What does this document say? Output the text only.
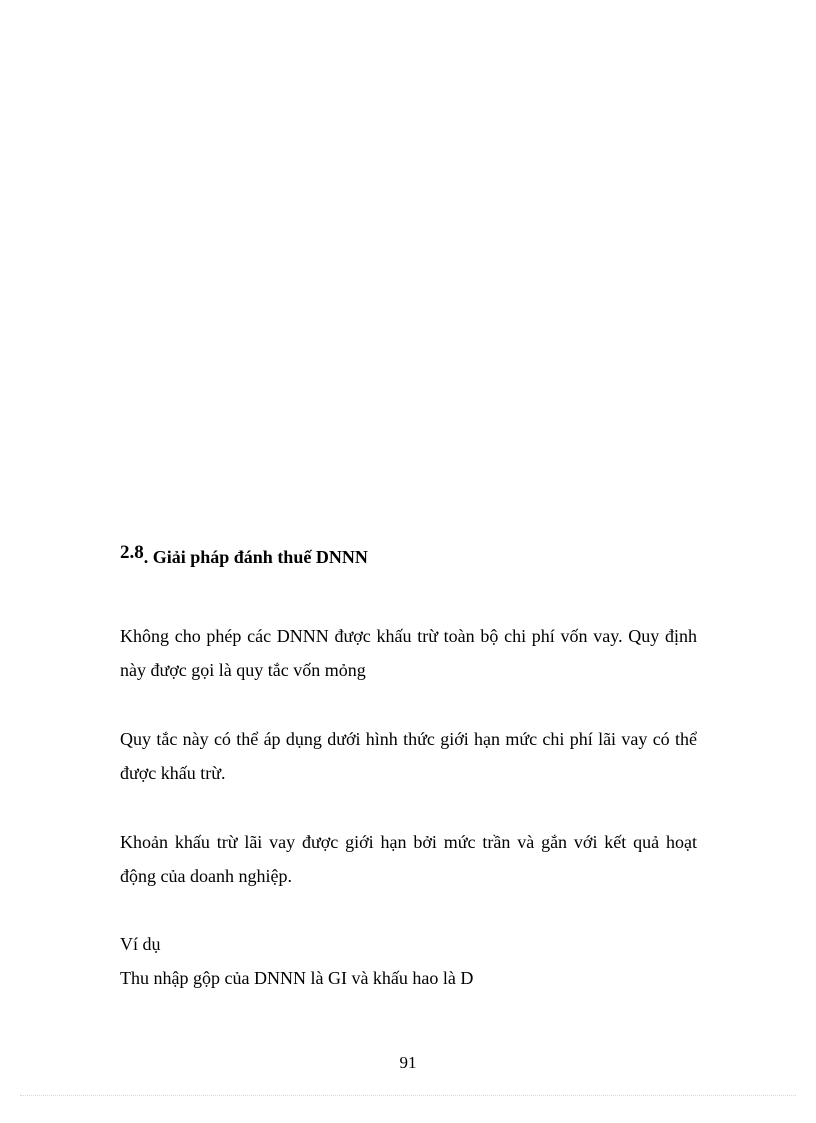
2.8. Giải pháp đánh thuế DNNN
Không cho phép các DNNN được khấu trừ toàn bộ chi phí vốn vay. Quy định này được gọi là quy tắc vốn mỏng
Quy tắc này có thể áp dụng dưới hình thức giới hạn mức chi phí lãi vay có thể được khấu trừ.
Khoản khấu trừ lãi vay được giới hạn bởi mức trần và gắn với kết quả hoạt động của doanh nghiệp.
Ví dụ
Thu nhập gộp của DNNN là GI và khấu hao là D
91
